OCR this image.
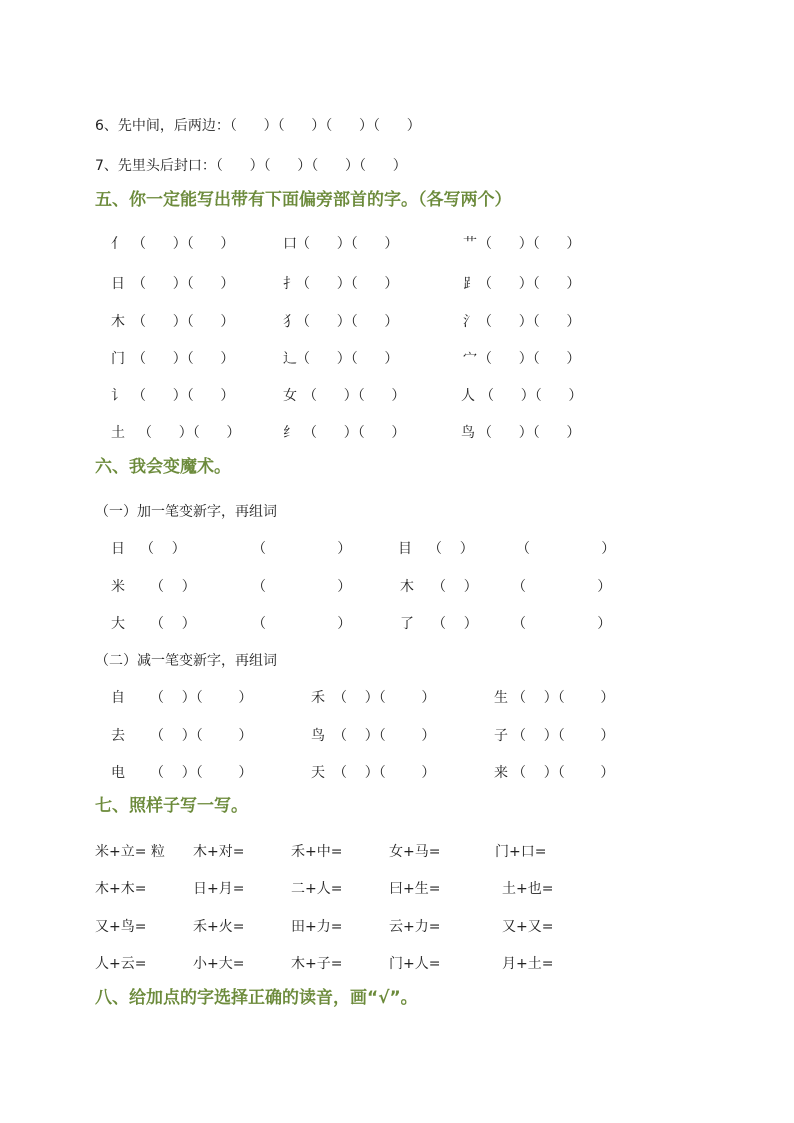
6、先中间，后两边：（      ）（      ）（      ）（      ）
7、先里头后封口：（      ）（      ）（      ）（      ）
五、你一定能写出带有下面偏旁部首的字。（各写两个）
亻 （      ）（      ）	口 （      ）（      ）	艹 （      ）（      ）
日 （      ）（      ）	扌 （      ）（      ）	⻊ （      ）（      ）
木 （      ）（      ）	犭 （      ）（      ）	氵 （      ）（      ）
门 （      ）（      ）	辶 （      ）（      ）	宀 （      ）（      ）
讠 （      ）（      ）	女 （      ）（      ）	人 （      ）（      ）
土 （      ）（      ）	纟 （      ）（      ）	鸟 （      ）（      ）
六、我会变魔术。
（一）加一笔变新字，再组词
日 （    ）	（                ）	目 （    ）	（                ）
米 （    ）	（                ）	木 （    ） （                ）
大 （    ）	（                ）	了 （    ） （                ）
（二）减一笔变新字，再组词
自 （    ）（        ）	禾 （    ）（        ）	生 （    ）（        ）
去 （    ）（        ）	鸟 （    ）（        ）	子 （    ）（        ）
电 （    ）（        ）	天 （    ）（        ）	来 （    ）（        ）
七、照样子写一写。
米+立= 粒 木+对=	禾+中=	女+马=	门+口=
木+木=	日+月=	二+人=	曰+生=	土+也=
又+鸟=	禾+火=	田+力=	云+力=	又+又=
人+云=	小+大=	木+子=	门+人=	月+土=
八、给加点的字选择正确的读音，画“√”。
